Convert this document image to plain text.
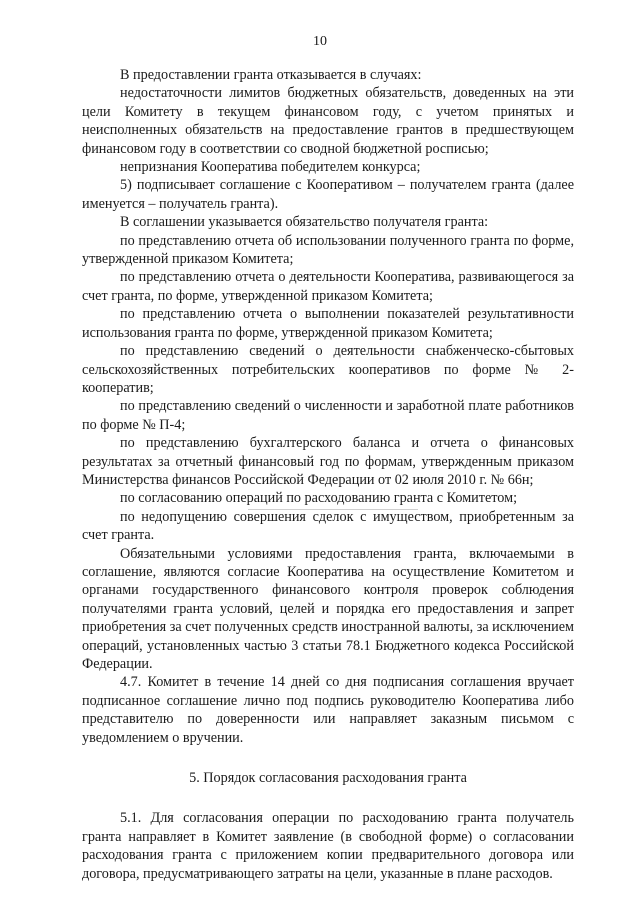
10

В предоставлении гранта отказывается в случаях:

недостаточности лимитов бюджетных обязательств, доведенных на эти цели Комитету в текущем финансовом году, с учетом принятых и неисполненных обязательств на предоставление грантов в предшествующем финансовом году в соответствии со сводной бюджетной росписью;

непризнания Кооператива победителем конкурса;

5) подписывает соглашение с Кооперативом – получателем гранта (далее именуется – получатель гранта).

В соглашении указывается обязательство получателя гранта:

по представлению отчета об использовании полученного гранта по форме, утвержденной приказом Комитета;

по представлению отчета о деятельности Кооператива, развивающегося за счет гранта, по форме, утвержденной приказом Комитета;

по представлению отчета о выполнении показателей результативности использования гранта по форме, утвержденной приказом Комитета;

по представлению сведений о деятельности снабженческо-сбытовых сельскохозяйственных потребительских кооперативов по форме № 2-кооператив;

по представлению сведений о численности и заработной плате работников по форме № П-4;

по представлению бухгалтерского баланса и отчета о финансовых результатах за отчетный финансовый год по формам, утвержденным приказом Министерства финансов Российской Федерации от 02 июля 2010 г. № 66н;

по согласованию операций по расходованию гранта с Комитетом;

по недопущению совершения сделок с имуществом, приобретенным за счет гранта.

Обязательными условиями предоставления гранта, включаемыми в соглашение, являются согласие Кооператива на осуществление Комитетом и органами государственного финансового контроля проверок соблюдения получателями гранта условий, целей и порядка его предоставления и запрет приобретения за счет полученных средств иностранной валюты, за исключением операций, установленных частью 3 статьи 78.1 Бюджетного кодекса Российской Федерации.

4.7. Комитет в течение 14 дней со дня подписания соглашения вручает подписанное соглашение лично под подпись руководителю Кооператива либо представителю по доверенности или направляет заказным письмом с уведомлением о вручении.

5. Порядок согласования расходования гранта

5.1. Для согласования операции по расходованию гранта получатель гранта направляет в Комитет заявление (в свободной форме) о согласовании расходования гранта с приложением копии предварительного договора или договора, предусматривающего затраты на цели, указанные в плане расходов.
